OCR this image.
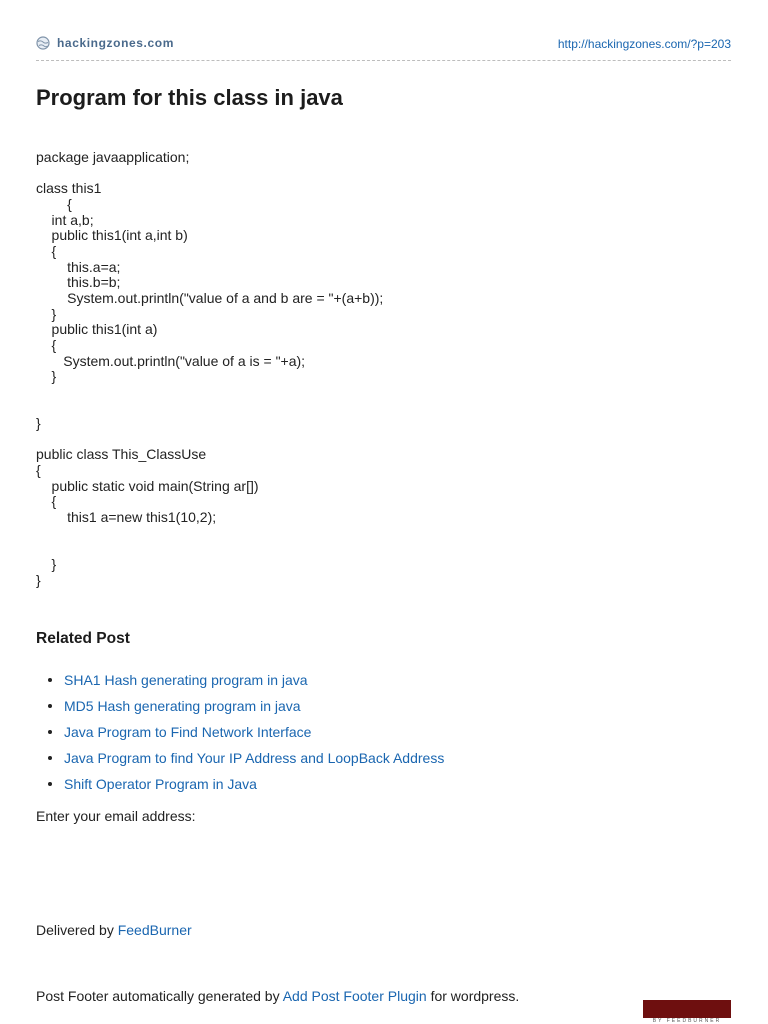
hackingzones.com	http://hackingzones.com/?p=203
Program for this class in java
package javaapplication;

class this1
{
int a,b;
public this1(int a,int b)
{
this.a=a;
this.b=b;
System.out.println("value of a and b are = "+(a+b));
}
public this1(int a)
{
System.out.println("value of a is = "+a);
}

}

public class This_ClassUse
{
public static void main(String ar[])
{
this1 a=new this1(10,2);

}
}
Related Post
SHA1 Hash generating program in java
MD5 Hash generating program in java
Java Program to Find Network Interface
Java Program to find Your IP Address and LoopBack Address
Shift Operator Program in Java
Enter your email address:
Delivered by FeedBurner
Post Footer automatically generated by Add Post Footer Plugin for wordpress.
BY FEEDBURNER
